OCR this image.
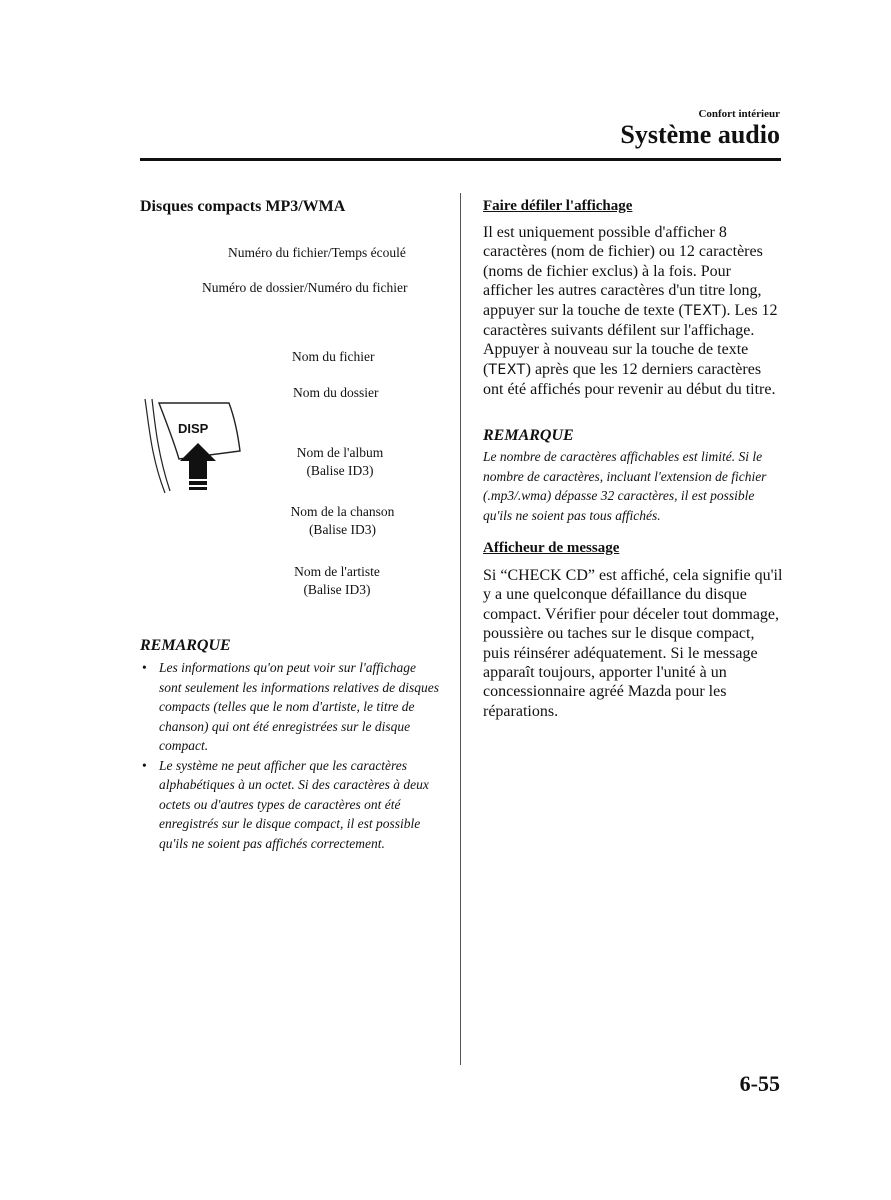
Confort intérieur
Système audio
Disques compacts MP3/WMA
Numéro du fichier/Temps écoulé
Numéro de dossier/Numéro du fichier
Nom du fichier
Nom du dossier
Nom de l'album
(Balise ID3)
Nom de la chanson
(Balise ID3)
Nom de l'artiste
(Balise ID3)
DISP
REMARQUE
• Les informations qu'on peut voir sur l'affichage sont seulement les informations relatives de disques compacts (telles que le nom d'artiste, le titre de chanson) qui ont été enregistrées sur le disque compact.
• Le système ne peut afficher que les caractères alphabétiques à un octet. Si des caractères à deux octets ou d'autres types de caractères ont été enregistrés sur le disque compact, il est possible qu'ils ne soient pas affichés correctement.
Faire défiler l'affichage
Il est uniquement possible d'afficher 8 caractères (nom de fichier) ou 12 caractères (noms de fichier exclus) à la fois. Pour afficher les autres caractères d'un titre long, appuyer sur la touche de texte (TEXT). Les 12 caractères suivants défilent sur l'affichage. Appuyer à nouveau sur la touche de texte (TEXT) après que les 12 derniers caractères ont été affichés pour revenir au début du titre.
REMARQUE
Le nombre de caractères affichables est limité. Si le nombre de caractères, incluant l'extension de fichier (.mp3/.wma) dépasse 32 caractères, il est possible qu'ils ne soient pas tous affichés.
Afficheur de message
Si “CHECK CD” est affiché, cela signifie qu'il y a une quelconque défaillance du disque compact. Vérifier pour déceler tout dommage, poussière ou taches sur le disque compact, puis réinsérer adéquatement. Si le message apparaît toujours, apporter l'unité à un concessionnaire agréé Mazda pour les réparations.
6-55
